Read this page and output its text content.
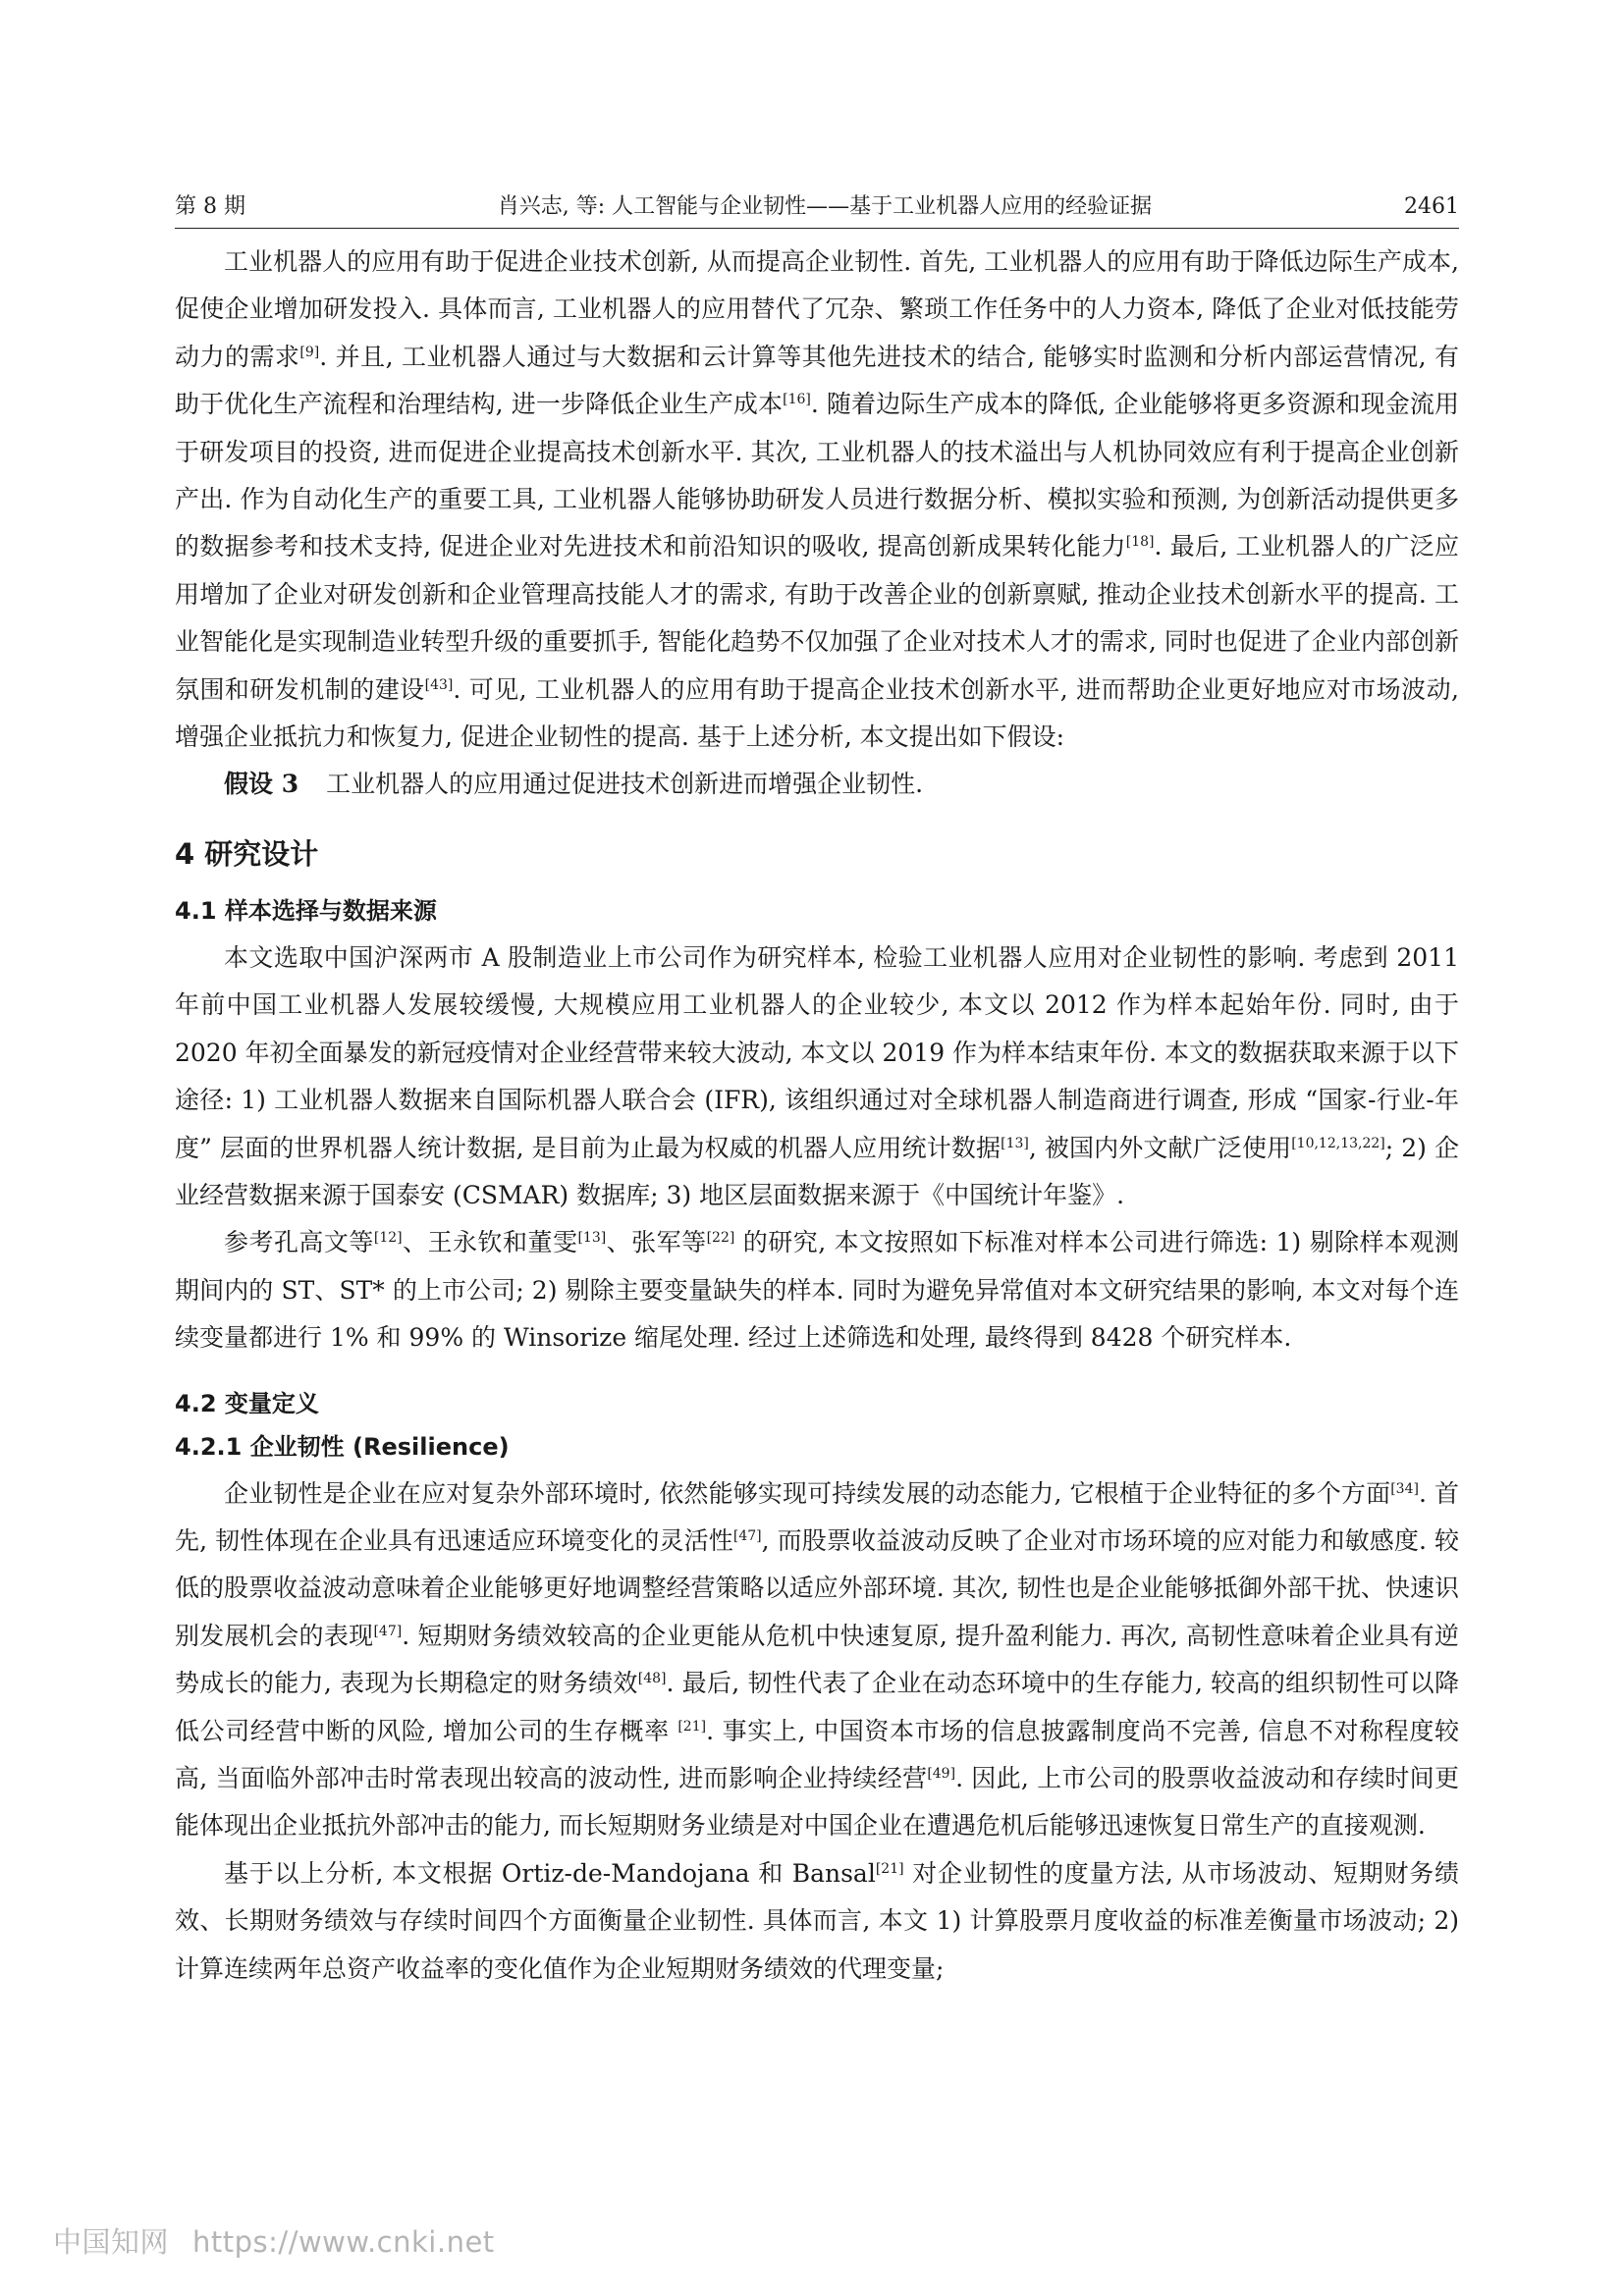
第 8 期	肖兴志, 等: 人工智能与企业韧性——基于工业机器人应用的经验证据	2461

工业机器人的应用有助于促进企业技术创新, 从而提高企业韧性. 首先, 工业机器人的应用有助于降低边际生产成本, 促使企业增加研发投入. 具体而言, 工业机器人的应用替代了冗杂、繁琐工作任务中的人力资本, 降低了企业对低技能劳动力的需求[9]. 并且, 工业机器人通过与大数据和云计算等其他先进技术的结合, 能够实时监测和分析内部运营情况, 有助于优化生产流程和治理结构, 进一步降低企业生产成本[16]. 随着边际生产成本的降低, 企业能够将更多资源和现金流用于研发项目的投资, 进而促进企业提高技术创新水平. 其次, 工业机器人的技术溢出与人机协同效应有利于提高企业创新产出. 作为自动化生产的重要工具, 工业机器人能够协助研发人员进行数据分析、模拟实验和预测, 为创新活动提供更多的数据参考和技术支持, 促进企业对先进技术和前沿知识的吸收, 提高创新成果转化能力[18]. 最后, 工业机器人的广泛应用增加了企业对研发创新和企业管理高技能人才的需求, 有助于改善企业的创新禀赋, 推动企业技术创新水平的提高. 工业智能化是实现制造业转型升级的重要抓手, 智能化趋势不仅加强了企业对技术人才的需求, 同时也促进了企业内部创新氛围和研发机制的建设[43]. 可见, 工业机器人的应用有助于提高企业技术创新水平, 进而帮助企业更好地应对市场波动, 增强企业抵抗力和恢复力, 促进企业韧性的提高. 基于上述分析, 本文提出如下假设:

假设 3 工业机器人的应用通过促进技术创新进而增强企业韧性.

4 研究设计
4.1 样本选择与数据来源

本文选取中国沪深两市 A 股制造业上市公司作为研究样本, 检验工业机器人应用对企业韧性的影响. 考虑到 2011 年前中国工业机器人发展较缓慢, 大规模应用工业机器人的企业较少, 本文以 2012 作为样本起始年份. 同时, 由于 2020 年初全面暴发的新冠疫情对企业经营带来较大波动, 本文以 2019 作为样本结束年份. 本文的数据获取来源于以下途径: 1) 工业机器人数据来自国际机器人联合会 (IFR), 该组织通过对全球机器人制造商进行调查, 形成 “国家-行业-年度” 层面的世界机器人统计数据, 是目前为止最为权威的机器人应用统计数据[13], 被国内外文献广泛使用[10,12,13,22]; 2) 企业经营数据来源于国泰安 (CSMAR) 数据库; 3) 地区层面数据来源于《中国统计年鉴》.

参考孔高文等[12]、王永钦和董雯[13]、张军等[22] 的研究, 本文按照如下标准对样本公司进行筛选: 1) 剔除样本观测期间内的 ST、ST* 的上市公司; 2) 剔除主要变量缺失的样本. 同时为避免异常值对本文研究结果的影响, 本文对每个连续变量都进行 1% 和 99% 的 Winsorize 缩尾处理. 经过上述筛选和处理, 最终得到 8428 个研究样本.

4.2 变量定义
4.2.1 企业韧性 (Resilience)

企业韧性是企业在应对复杂外部环境时, 依然能够实现可持续发展的动态能力, 它根植于企业特征的多个方面[34]. 首先, 韧性体现在企业具有迅速适应环境变化的灵活性[47], 而股票收益波动反映了企业对市场环境的应对能力和敏感度. 较低的股票收益波动意味着企业能够更好地调整经营策略以适应外部环境. 其次, 韧性也是企业能够抵御外部干扰、快速识别发展机会的表现[47]. 短期财务绩效较高的企业更能从危机中快速复原, 提升盈利能力. 再次, 高韧性意味着企业具有逆势成长的能力, 表现为长期稳定的财务绩效[48]. 最后, 韧性代表了企业在动态环境中的生存能力, 较高的组织韧性可以降低公司经营中断的风险, 增加公司的生存概率 [21]. 事实上, 中国资本市场的信息披露制度尚不完善, 信息不对称程度较高, 当面临外部冲击时常表现出较高的波动性, 进而影响企业持续经营[49]. 因此, 上市公司的股票收益波动和存续时间更能体现出企业抵抗外部冲击的能力, 而长短期财务业绩是对中国企业在遭遇危机后能够迅速恢复日常生产的直接观测.

基于以上分析, 本文根据 Ortiz-de-Mandojana 和 Bansal[21] 对企业韧性的度量方法, 从市场波动、短期财务绩效、长期财务绩效与存续时间四个方面衡量企业韧性. 具体而言, 本文 1) 计算股票月度收益的标准差衡量市场波动; 2) 计算连续两年总资产收益率的变化值作为企业短期财务绩效的代理变量;

中国知网 https://www.cnki.net
